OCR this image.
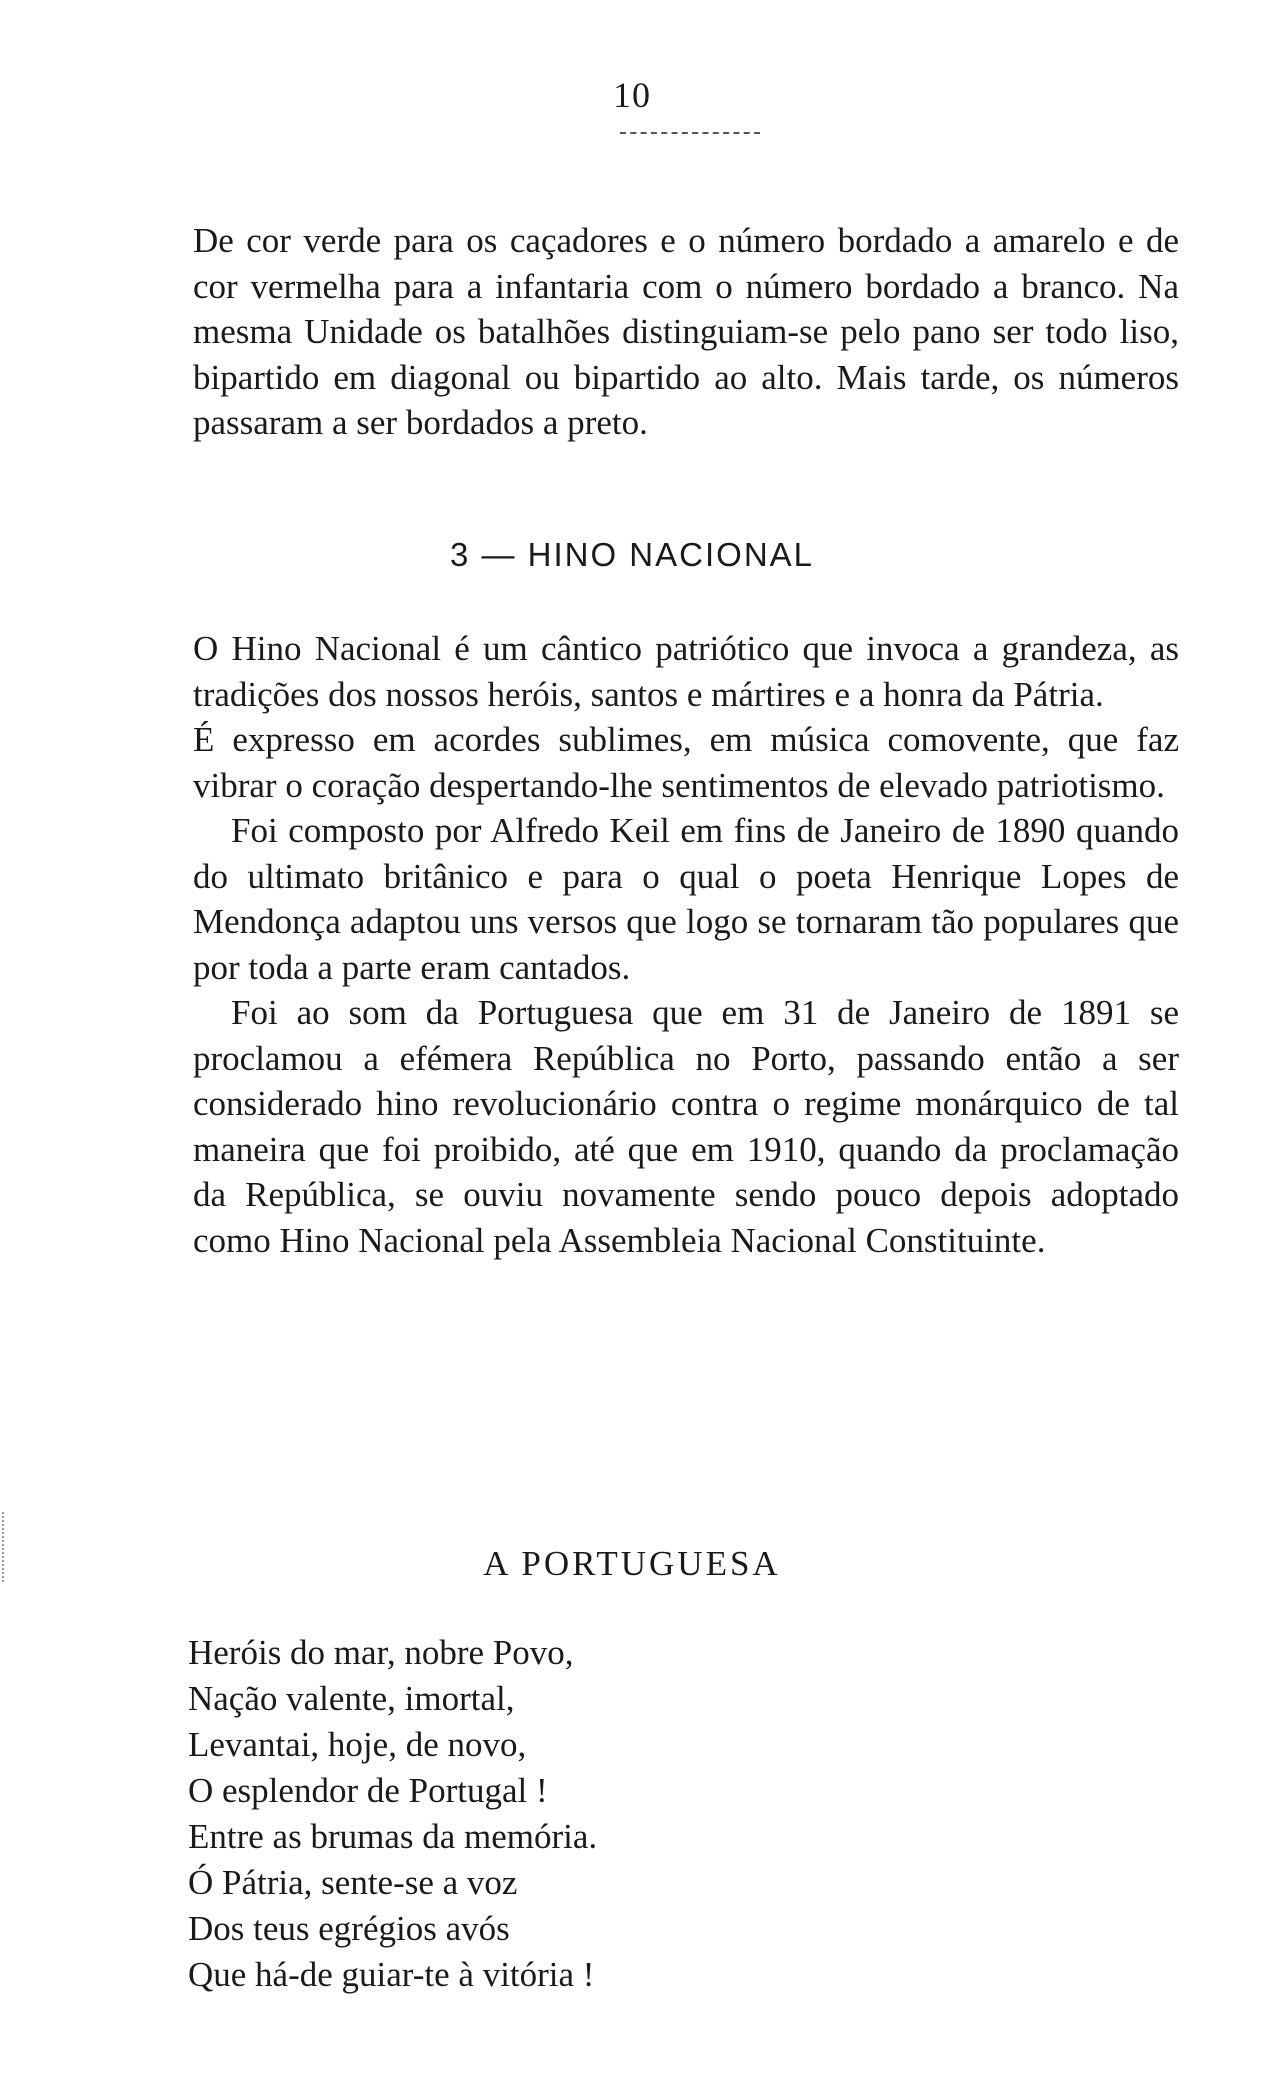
10

De cor verde para os caçadores e o número bordado a amarelo e de cor vermelha para a infantaria com o número bordado a branco. Na mesma Unidade os batalhões distinguiam-se pelo pano ser todo liso, bipartido em diagonal ou bipartido ao alto. Mais tarde, os números passaram a ser bordados a preto.

3 — HINO NACIONAL

O Hino Nacional é um cântico patriótico que invoca a grandeza, as tradições dos nossos heróis, santos e mártires e a honra da Pátria.

É expresso em acordes sublimes, em música comovente, que faz vibrar o coração despertando-lhe sentimentos de elevado patriotismo.

Foi composto por Alfredo Keil em fins de Janeiro de 1890 quando do ultimato britânico e para o qual o poeta Henrique Lopes de Mendonça adaptou uns versos que logo se tornaram tão populares que por toda a parte eram cantados.

Foi ao som da Portuguesa que em 31 de Janeiro de 1891 se proclamou a efémera República no Porto, passando então a ser considerado hino revolucionário contra o regime monárquico de tal maneira que foi proibido, até que em 1910, quando da proclamação da República, se ouviu novamente sendo pouco depois adoptado como Hino Nacional pela Assembleia Nacional Constituinte.

A PORTUGUESA
Heróis do mar, nobre Povo,
Nação valente, imortal,
Levantai, hoje, de novo,
O esplendor de Portugal !
Entre as brumas da memória.
Ó Pátria, sente-se a voz
Dos teus egrégios avós
Que há-de guiar-te à vitória !
